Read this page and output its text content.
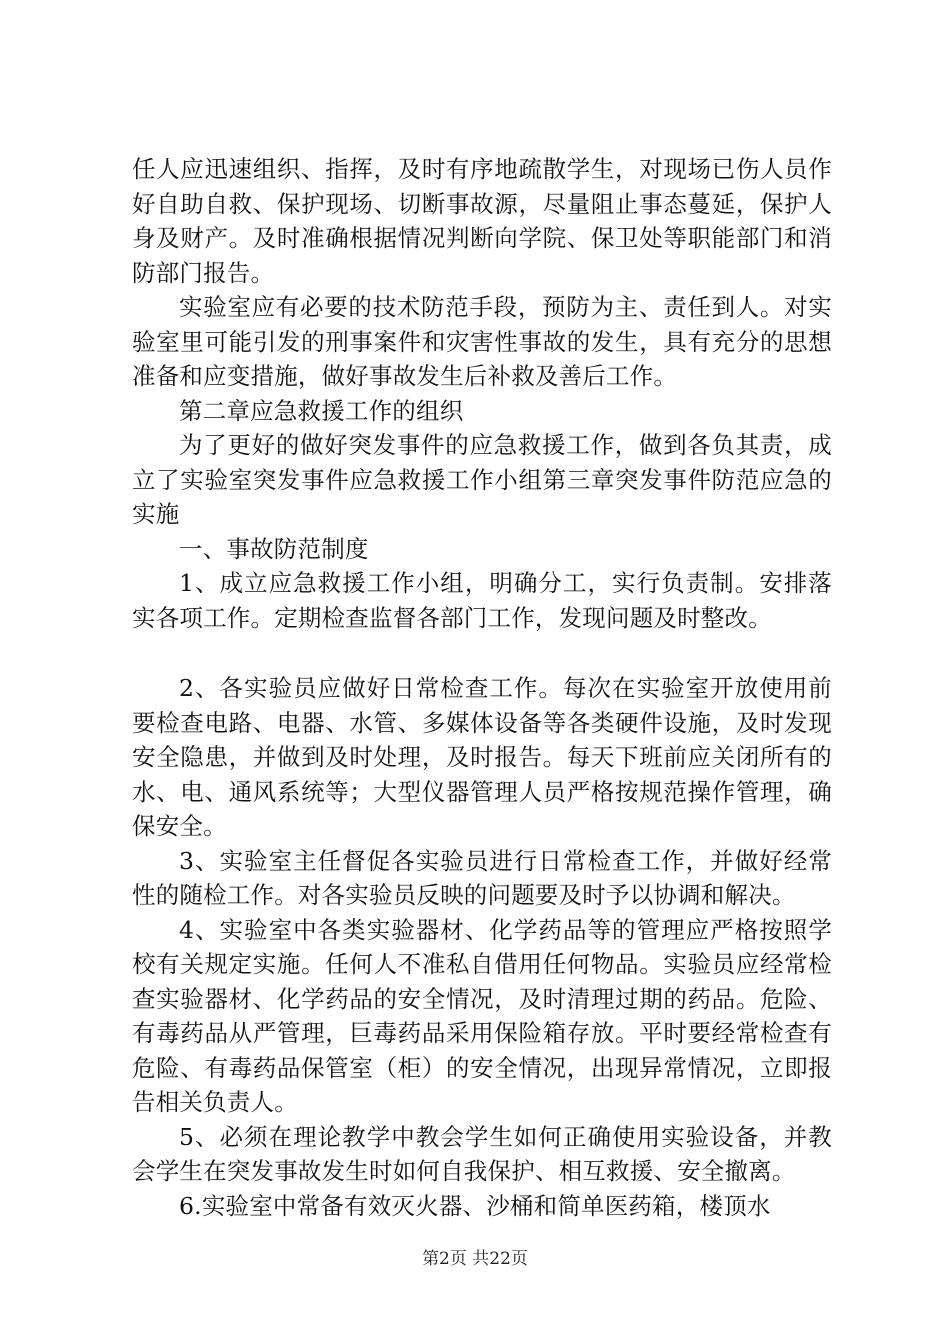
任人应迅速组织、指挥，及时有序地疏散学生，对现场已伤人员作好自助自救、保护现场、切断事故源，尽量阻止事态蔓延，保护人身及财产。及时准确根据情况判断向学院、保卫处等职能部门和消防部门报告。

实验室应有必要的技术防范手段，预防为主、责任到人。对实验室里可能引发的刑事案件和灾害性事故的发生，具有充分的思想准备和应变措施，做好事故发生后补救及善后工作。

第二章应急救援工作的组织

为了更好的做好突发事件的应急救援工作，做到各负其责，成立了实验室突发事件应急救援工作小组第三章突发事件防范应急的实施

一、事故防范制度

1、成立应急救援工作小组，明确分工，实行负责制。安排落实各项工作。定期检查监督各部门工作，发现问题及时整改。

2、各实验员应做好日常检查工作。每次在实验室开放使用前要检查电路、电器、水管、多媒体设备等各类硬件设施，及时发现安全隐患，并做到及时处理，及时报告。每天下班前应关闭所有的水、电、通风系统等；大型仪器管理人员严格按规范操作管理，确保安全。

3、实验室主任督促各实验员进行日常检查工作，并做好经常性的随检工作。对各实验员反映的问题要及时予以协调和解决。

4、实验室中各类实验器材、化学药品等的管理应严格按照学校有关规定实施。任何人不准私自借用任何物品。实验员应经常检查实验器材、化学药品的安全情况，及时清理过期的药品。危险、有毒药品从严管理，巨毒药品采用保险箱存放。平时要经常检查有危险、有毒药品保管室（柜）的安全情况，出现异常情况，立即报告相关负责人。

5、必须在理论教学中教会学生如何正确使用实验设备，并教会学生在突发事故发生时如何自我保护、相互救援、安全撤离。

6.实验室中常备有效灭火器、沙桶和简单医药箱，楼顶水

第2页 共22页
